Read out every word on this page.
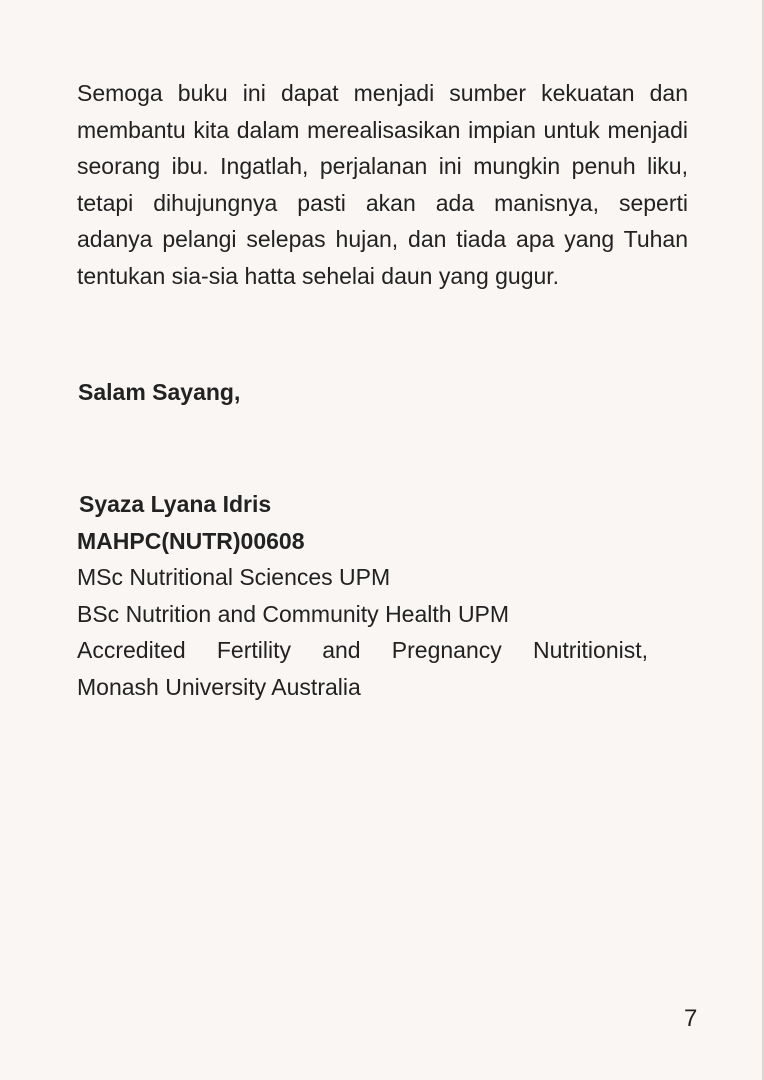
Semoga buku ini dapat menjadi sumber kekuatan dan membantu kita dalam merealisasikan impian untuk menjadi seorang ibu. Ingatlah, perjalanan ini mungkin penuh liku, tetapi dihujungnya pasti akan ada manisnya, seperti adanya pelangi selepas hujan, dan tiada apa yang Tuhan tentukan sia-sia hatta sehelai daun yang gugur.

Salam Sayang,
Syaza Lyana Idris
MAHPC(NUTR)00608
MSc Nutritional Sciences UPM
BSc Nutrition and Community Health UPM
Accredited Fertility and Pregnancy Nutritionist,
Monash University Australia
7
